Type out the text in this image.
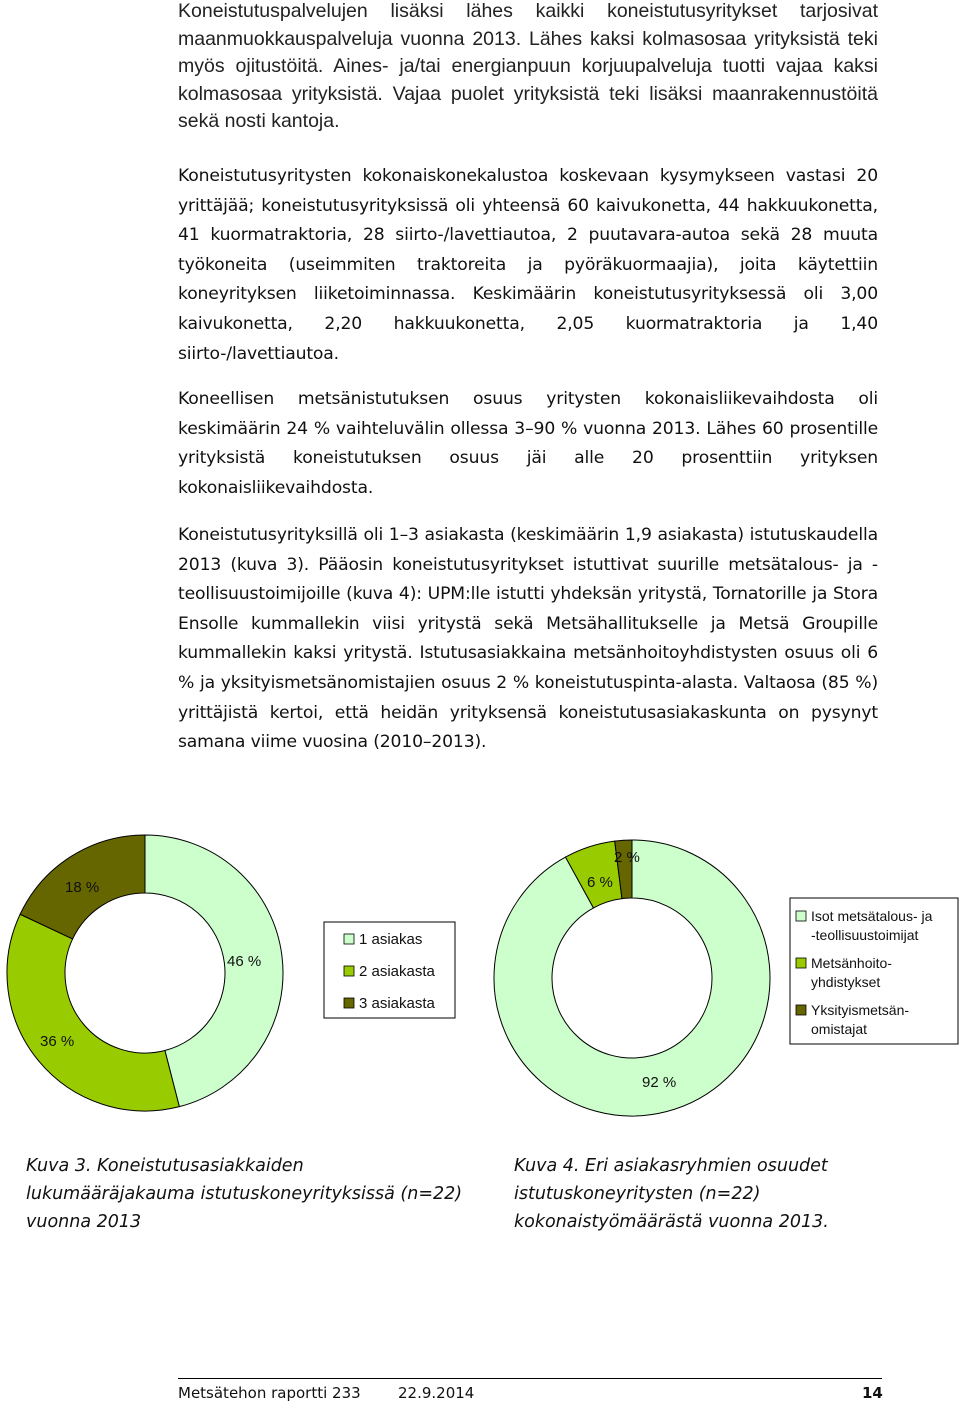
Koneistutuspalvelujen lisäksi lähes kaikki koneistutusyritykset tarjosivat maanmuokkauspalveluja vuonna 2013. Lähes kaksi kolmasosaa yrityksistä teki myös ojitustöitä. Aines- ja/tai energianpuun korjuupalveluja tuotti vajaa kaksi kolmasosaa yrityksistä. Vajaa puolet yrityksistä teki lisäksi maanrakennustöitä sekä nosti kantoja.

Koneistutusyritysten kokonaiskonekalustoa koskevaan kysymykseen vastasi 20 yrittäjää; koneistutusyrityksissä oli yhteensä 60 kaivukonetta, 44 hakkuukonetta, 41 kuormatraktoria, 28 siirto-/lavettiautoa, 2 puutavara-autoa sekä 28 muuta työkoneita (useimmiten traktoreita ja pyöräkuormaajia), joita käytettiin koneyrityksen liiketoiminnassa. Keskimäärin koneistutusyrityksessä oli 3,00 kaivukonetta, 2,20 hakkuukonetta, 2,05 kuormatraktoria ja 1,40 siirto-/lavettiautoa.

Koneellisen metsänistutuksen osuus yritysten kokonaisliikevaihdosta oli keskimäärin 24 % vaihteluvälin ollessa 3–90 % vuonna 2013. Lähes 60 prosentille yrityksistä koneistutuksen osuus jäi alle 20 prosenttiin yrityksen kokonaisliikevaihdosta.

Koneistutusyrityksillä oli 1–3 asiakasta (keskimäärin 1,9 asiakasta) istutuskaudella 2013 (kuva 3). Pääosin koneistutusyritykset istuttivat suurille metsätalous- ja -teollisuustoimijoille (kuva 4): UPM:lle istutti yhdeksän yritystä, Tornatorille ja Stora Ensolle kummallekin viisi yritystä sekä Metsähallitukselle ja Metsä Groupille kummallekin kaksi yritystä. Istutusasiakkaina metsänhoitoyhdistysten osuus oli 6 % ja yksityismetsänomistajien osuus 2 % koneistutuspinta-alasta. Valtaosa (85 %) yrittäjistä kertoi, että heidän yrityksensä koneistutusasiakaskunta on pysynyt samana viime vuosina (2010–2013).

18 %
46 %
36 %
1 asiakas
2 asiakasta
3 asiakasta
2 %
6 %
92 %
Isot metsätalous- ja
-teollisuustoimijat
Metsänhoito-
yhdistykset
Yksityismetsän-
omistajat

Kuva 3. Koneistutusasiakkaiden lukumääräjakauma istutuskoneyrityksissä (n=22) vuonna 2013

Kuva 4. Eri asiakasryhmien osuudet istutuskoneyritysten (n=22) kokonaistyömäärästä vuonna 2013.

Metsätehon raportti 233 22.9.2014	14
